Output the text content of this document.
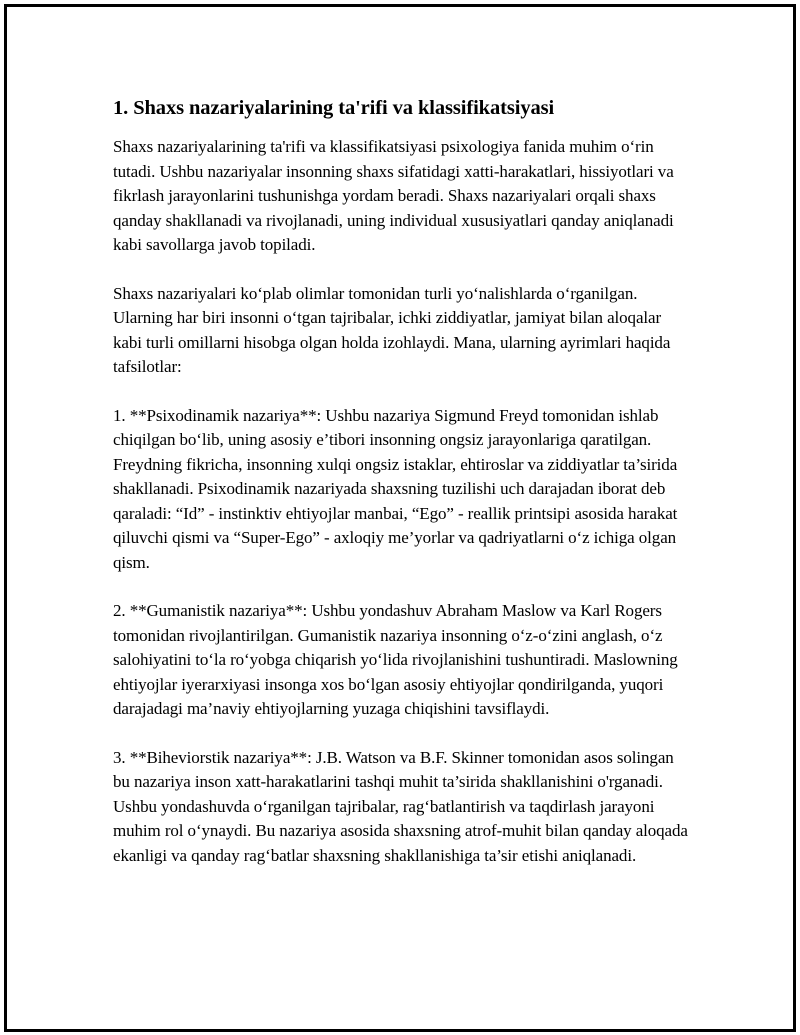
1. Shaxs nazariyalarining ta'rifi va klassifikatsiyasi

Shaxs nazariyalarining ta'rifi va klassifikatsiyasi psixologiya fanida muhim oʻrin tutadi. Ushbu nazariyalar insonning shaxs sifatidagi xatti-harakatlari, hissiyotlari va fikrlash jarayonlarini tushunishga yordam beradi. Shaxs nazariyalari orqali shaxs qanday shakllanadi va rivojlanadi, uning individual xususiyatlari qanday aniqlanadi kabi savollarga javob topiladi.

Shaxs nazariyalari koʻplab olimlar tomonidan turli yoʻnalishlarda oʻrganilgan. Ularning har biri insonni oʻtgan tajribalar, ichki ziddiyatlar, jamiyat bilan aloqalar kabi turli omillarni hisobga olgan holda izohlaydi. Mana, ularning ayrimlari haqida tafsilotlar:

1. **Psixodinamik nazariya**: Ushbu nazariya Sigmund Freyd tomonidan ishlab chiqilgan boʻlib, uning asosiy e’tibori insonning ongsiz jarayonlariga qaratilgan. Freydning fikricha, insonning xulqi ongsiz istaklar, ehtiroslar va ziddiyatlar ta’sirida shakllanadi. Psixodinamik nazariyada shaxsning tuzilishi uch darajadan iborat deb qaraladi: “Id” - instinktiv ehtiyojlar manbai, “Ego” - reallik printsipi asosida harakat qiluvchi qismi va “Super-Ego” - axloqiy me’yorlar va qadriyatlarni oʻz ichiga olgan qism.

2. **Gumanistik nazariya**: Ushbu yondashuv Abraham Maslow va Karl Rogers tomonidan rivojlantirilgan. Gumanistik nazariya insonning oʻz-oʻzini anglash, oʻz salohiyatini toʻla roʻyobga chiqarish yoʻlida rivojlanishini tushuntiradi. Maslowning ehtiyojlar iyerarxiyasi insonga xos boʻlgan asosiy ehtiyojlar qondirilganda, yuqori darajadagi ma’naviy ehtiyojlarning yuzaga chiqishini tavsiflaydi.

3. **Biheviorstik nazariya**: J.B. Watson va B.F. Skinner tomonidan asos solingan bu nazariya inson xatt-harakatlarini tashqi muhit ta’sirida shakllanishini o'rganadi. Ushbu yondashuvda oʻrganilgan tajribalar, ragʻbatlantirish va taqdirlash jarayoni muhim rol oʻynaydi. Bu nazariya asosida shaxsning atrof-muhit bilan qanday aloqada ekanligi va qanday ragʻbatlar shaxsning shakllanishiga ta’sir etishi aniqlanadi.
